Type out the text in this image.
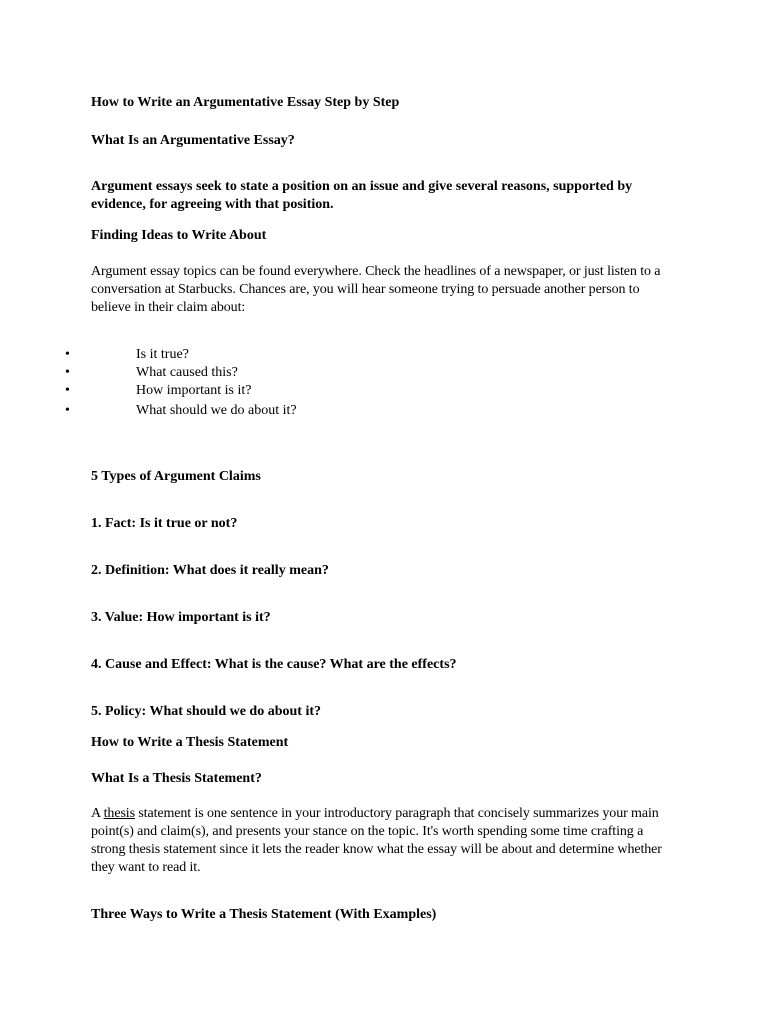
How to Write an Argumentative Essay Step by Step

What Is an Argumentative Essay?

Argument essays seek to state a position on an issue and give several reasons, supported by evidence, for agreeing with that position.

Finding Ideas to Write About

Argument essay topics can be found everywhere. Check the headlines of a newspaper, or just listen to a conversation at Starbucks. Chances are, you will hear someone trying to persuade another person to believe in their claim about:

•	Is it true?
•	What caused this?
•	How important is it?
•	What should we do about it?

5 Types of Argument Claims

1. Fact: Is it true or not?

2. Definition: What does it really mean?

3. Value: How important is it?

4. Cause and Effect: What is the cause? What are the effects?

5. Policy: What should we do about it?

How to Write a Thesis Statement

What Is a Thesis Statement?

A thesis statement is one sentence in your introductory paragraph that concisely summarizes your main point(s) and claim(s), and presents your stance on the topic. It's worth spending some time crafting a strong thesis statement since it lets the reader know what the essay will be about and determine whether they want to read it.

Three Ways to Write a Thesis Statement (With Examples)
